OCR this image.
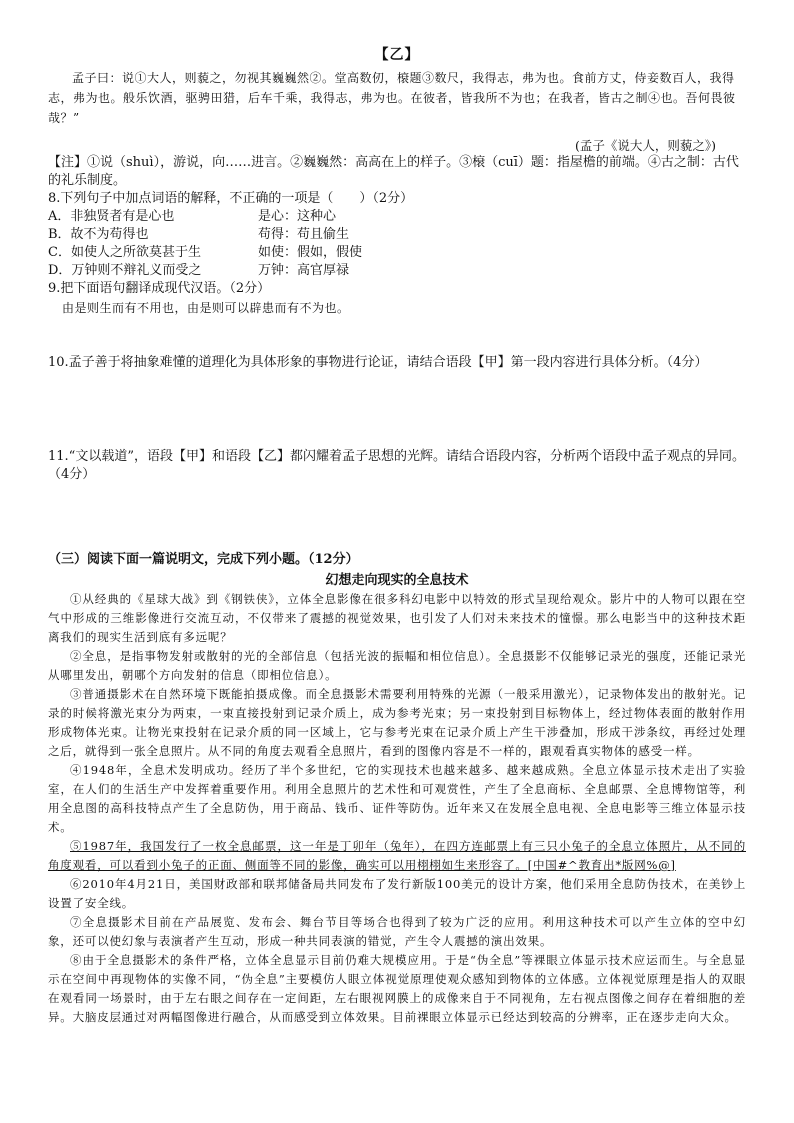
【乙】

孟子曰：说①大人，则藐之，勿视其巍巍然②。堂高数仞，榱题③数尺，我得志，弗为也。食前方丈，侍妾数百人，我得志，弗为也。般乐饮酒，驱骋田猎，后车千乘，我得志，弗为也。在彼者，皆我所不为也；在我者，皆古之制④也。吾何畏彼哉？”

(孟子《说大人，则藐之》)

【注】①说（shuì），游说，向……进言。②巍巍然：高高在上的样子。③榱（cuī）题：指屋檐的前端。④古之制：古代的礼乐制度。

8.下列句子中加点词语的解释，不正确的一项是（　　）（2分）

A．非独贤者有是心也	是心：这种心
B．故不为苟得也	苟得：苟且偷生
C．如使人之所欲莫甚于生	如使：假如，假使
D．万钟则不辩礼义而受之	万钟：高官厚禄

9.把下面语句翻译成现代汉语。（2分）

由是则生而有不用也，由是则可以辟患而有不为也。

10.孟子善于将抽象难懂的道理化为具体形象的事物进行论证，请结合语段【甲】第一段内容进行具体分析。（4分）

11.“文以载道”，语段【甲】和语段【乙】都闪耀着孟子思想的光辉。请结合语段内容，分析两个语段中孟子观点的异同。（4分）

（三）阅读下面一篇说明文，完成下列小题。（12分）

幻想走向现实的全息技术

①从经典的《星球大战》到《钢铁侠》，立体全息影像在很多科幻电影中以特效的形式呈现给观众。影片中的人物可以跟在空气中形成的三维影像进行交流互动，不仅带来了震撼的视觉效果，也引发了人们对未来技术的憧憬。那么电影当中的这种技术距离我们的现实生活到底有多远呢？

②全息，是指事物发射或散射的光的全部信息（包括光波的振幅和相位信息）。全息摄影不仅能够记录光的强度，还能记录光从哪里发出，朝哪个方向发射的信息（即相位信息）。

③普通摄影术在自然环境下既能拍摄成像。而全息摄影术需要利用特殊的光源（一般采用激光），记录物体发出的散射光。记录的时候将激光束分为两束，一束直接投射到记录介质上，成为参考光束；另一束投射到目标物体上，经过物体表面的散射作用形成物体光束。让物光束投射在记录介质的同一区域上，它与参考光束在记录介质上产生干涉叠加，形成干涉条纹，再经过处理之后，就得到一张全息照片。从不同的角度去观看全息照片，看到的图像内容是不一样的，跟观看真实物体的感受一样。

④1948年，全息术发明成功。经历了半个多世纪，它的实现技术也越来越多、越来越成熟。全息立体显示技术走出了实验室，在人们的生活生产中发挥着重要作用。利用全息照片的艺术性和可观赏性，产生了全息商标、全息邮票、全息博物馆等，利用全息图的高科技特点产生了全息防伪，用于商品、钱币、证件等防伪。近年来又在发展全息电视、全息电影等三维立体显示技术。

⑤1987年，我国发行了一枚全息邮票，这一年是丁卯年（兔年），在四方连邮票上有三只小兔子的全息立体照片，从不同的角度观看，可以看到小兔子的正面、侧面等不同的影像，确实可以用栩栩如生来形容了。[中国#^教育出*版网%@]

⑥2010年4月21日，美国财政部和联邦储备局共同发布了发行新版100美元的设计方案，他们采用全息防伪技术，在美钞上设置了安全线。

⑦全息摄影术目前在产品展览、发布会、舞台节目等场合也得到了较为广泛的应用。利用这种技术可以产生立体的空中幻象，还可以使幻象与表演者产生互动，形成一种共同表演的错觉，产生令人震撼的演出效果。

⑧由于全息摄影术的条件严格，立体全息显示目前仍难大规模应用。于是“伪全息”等裸眼立体显示技术应运而生。与全息显示在空间中再现物体的实像不同，“伪全息”主要模仿人眼立体视觉原理使观众感知到物体的立体感。立体视觉原理是指人的双眼在观看同一场景时，由于左右眼之间存在一定间距，左右眼视网膜上的成像来自于不同视角，左右视点图像之间存在着细胞的差异。大脑皮层通过对两幅图像进行融合，从而感受到立体效果。目前裸眼立体显示已经达到较高的分辨率，正在逐步走向大众。
